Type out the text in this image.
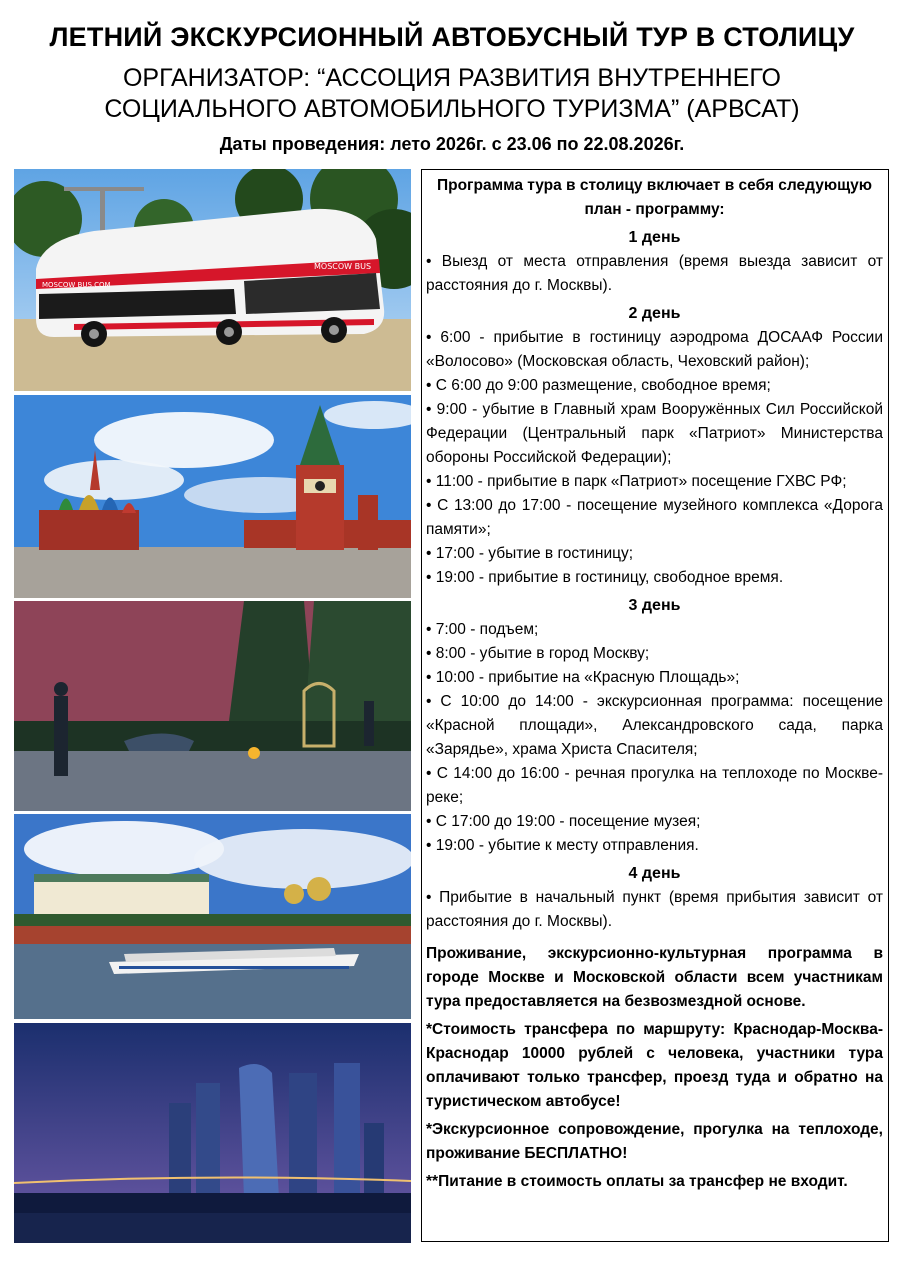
ЛЕТНИЙ ЭКСКУРСИОННЫЙ АВТОБУСНЫЙ ТУР В СТОЛИЦУ
ОРГАНИЗАТОР: “АССОЦИЯ РАЗВИТИЯ ВНУТРЕННЕГО
СОЦИАЛЬНОГО АВТОМОБИЛЬНОГО ТУРИЗМА” (АРВСАТ)
Даты проведения: лето 2026г. с 23.06 по 22.08.2026г.
MOSCOW BUS
MOSCOW BUS.COM
Программа тура в столицу включает в себя следующую план - программу:
1 день
• Выезд от места отправления (время выезда зависит от расстояния до г. Москвы).
2 день
• 6:00 - прибытие в гостиницу аэродрома ДОСААФ России «Волосово» (Московская область, Чеховский район);
• С 6:00 до 9:00 размещение, свободное время;
• 9:00 - убытие в Главный храм Вооружённых Сил Российской Федерации (Центральный парк «Патриот» Министерства обороны Российской Федерации);
• 11:00 - прибытие в парк «Патриот» посещение ГХВС РФ;
• С 13:00 до 17:00 - посещение музейного комплекса «Дорога памяти»;
• 17:00 - убытие в гостиницу;
• 19:00 - прибытие в гостиницу, свободное время.
3 день
• 7:00 - подъем;
• 8:00 - убытие в город Москву;
• 10:00 - прибытие на «Красную Площадь»;
• С 10:00 до 14:00 - экскурсионная программа: посещение «Красной площади», Александровского сада, парка «Зарядье», храма Христа Спасителя;
• С 14:00 до 16:00 - речная прогулка на теплоходе по Москве-реке;
• С 17:00 до 19:00 - посещение музея;
• 19:00 - убытие к месту отправления.
4 день
• Прибытие в начальный пункт (время прибытия зависит от расстояния до г. Москвы).
Проживание, экскурсионно-культурная программа в городе Москве и Московской области всем участникам тура предоставляется на безвозмездной основе.
*Стоимость трансфера по маршруту: Краснодар-Москва-Краснодар 10000 рублей с человека, участники тура оплачивают только трансфер, проезд туда и обратно на туристическом автобусе!
*Экскурсионное сопровождение, прогулка на теплоходе, проживание БЕСПЛАТНО!
**Питание в стоимость оплаты за трансфер не входит.
